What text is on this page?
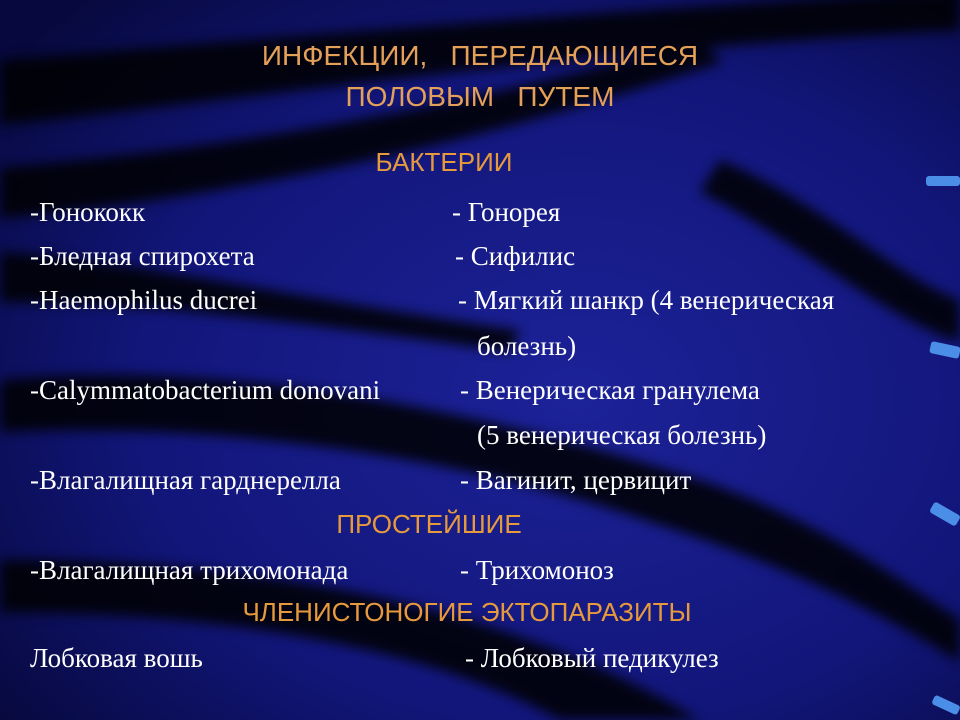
ИНФЕКЦИИ,   ПЕРЕДАЮЩИЕСЯ
ПОЛОВЫМ   ПУТЕМ
БАКТЕРИИ
-Гонококк	- Гонорея
-Бледная спирохета	- Сифилис
-Haemophilus ducrei	- Мягкий шанкр (4 венерическая
болезнь)
-Calymmatobacterium donovani	- Венерическая гранулема
(5 венерическая болезнь)
-Влагалищная гарднерелла	- Вагинит, цервицит
ПРОСТЕЙШИЕ
-Влагалищная трихомонада	- Трихомоноз
ЧЛЕНИСТОНОГИЕ ЭКТОПАРАЗИТЫ
Лобковая вошь	- Лобковый педикулез
